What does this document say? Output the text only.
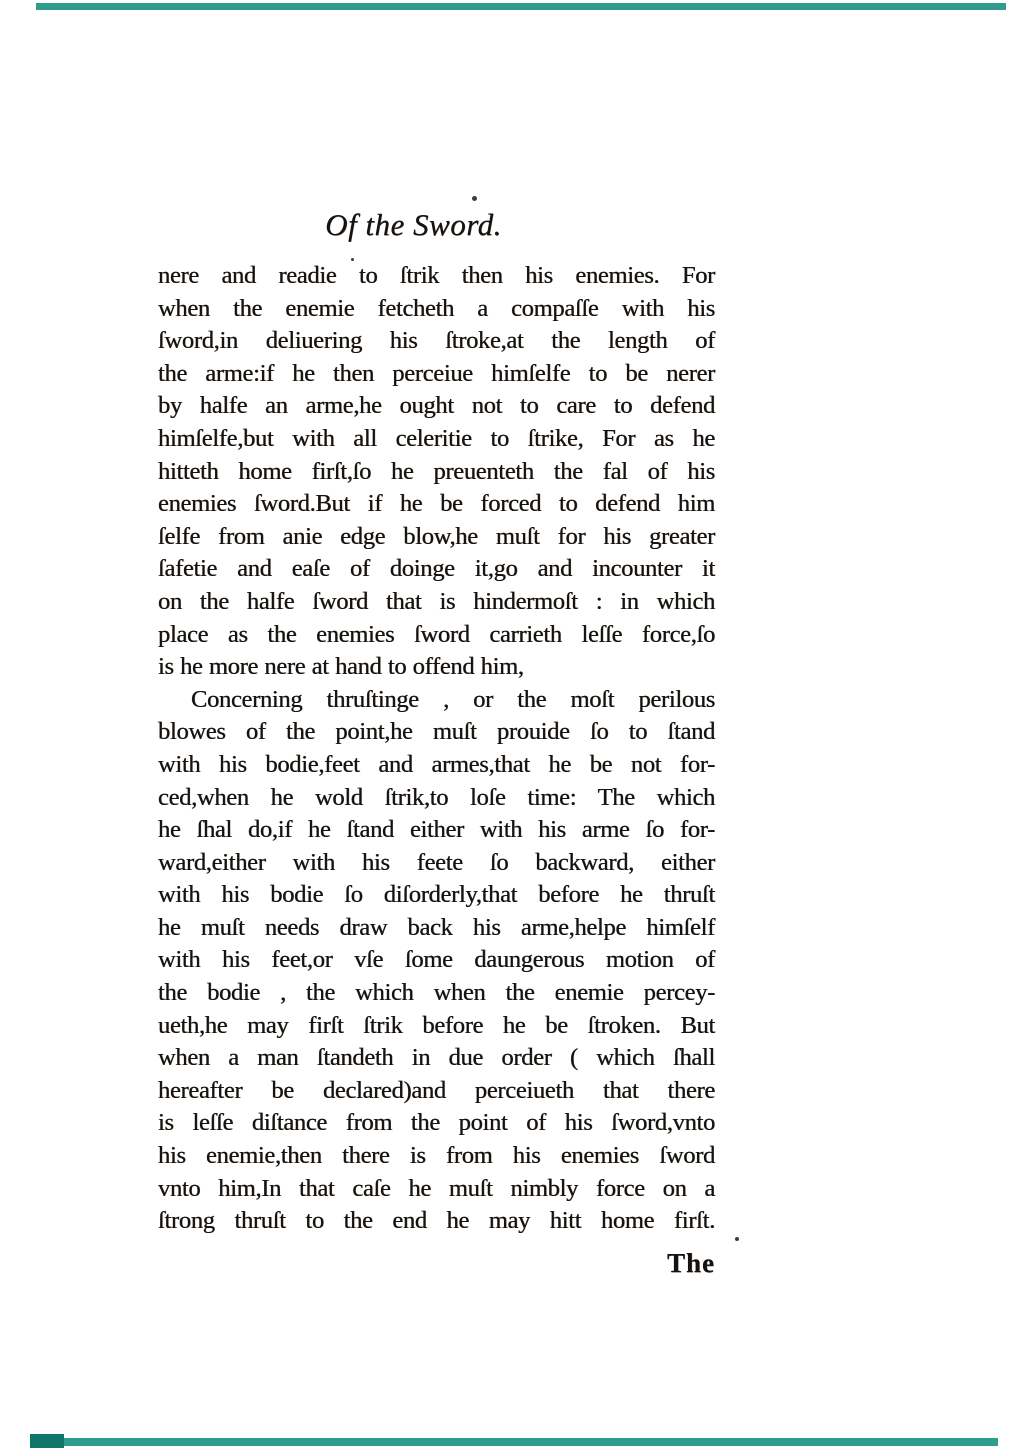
Of the Sword.
nere and readie to ſtrik then his enemies. For
when the enemie fetcheth a compaſſe with his
ſword,in deliuering his ſtroke,at the length of
the arme:if he then perceiue himſelfe to be nerer
by halfe an arme,he ought not to care to defend
himſelfe,but with all celeritie to ſtrike, For as he
hitteth home firſt,ſo he preuenteth the fal of his
enemies ſword.But if he be forced to defend him
ſelfe from anie edge blow,he muſt for his greater
ſafetie and eaſe of doinge it,go and incounter it
on the halfe ſword that is hindermoſt : in which
place as the enemies ſword carrieth leſſe force,ſo
is he more nere at hand to offend him,
Concerning thruſtinge , or the moſt perilous
blowes of the point,he muſt prouide ſo to ſtand
with his bodie,feet and armes,that he be not for-
ced,when he wold ſtrik,to loſe time: The which
he ſhal do,if he ſtand either with his arme ſo for-
ward,either with his feete ſo backward, either
with his bodie ſo diſorderly,that before he thruſt
he muſt needs draw back his arme,helpe himſelf
with his feet,or vſe ſome daungerous motion of
the bodie , the which when the enemie percey-
ueth,he may firſt ſtrik before he be ſtroken. But
when a man ſtandeth in due order ( which ſhall
hereafter be declared)and perceiueth that there
is leſſe diſtance from the point of his ſword,vnto
his enemie,then there is from his enemies ſword
vnto him,In that caſe he muſt nimbly force on a
ſtrong thruſt to the end he may hitt home firſt.
The
